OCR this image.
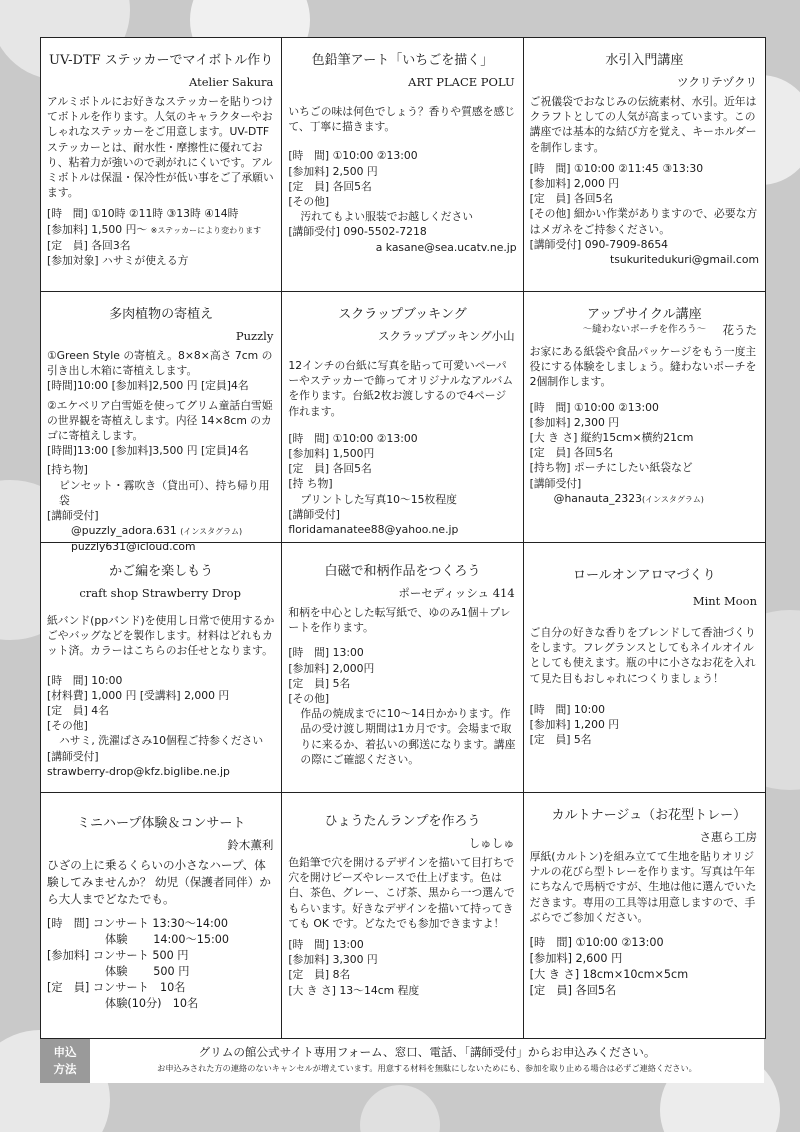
UV-DTF ステッカーでマイボトル作り
Atelier Sakura
アルミボトルにお好きなステッカーを貼りつけてボトルを作ります。人気のキャラクターやおしゃれなステッカーをご用意します。UV-DTF ステッカーとは、耐水性・摩擦性に優れており、粘着力が強いので剥がれにくいです。アルミボトルは保温・保冷性が低い事をご了承願います。
[時　間] ①10時 ②11時 ③13時 ④14時
[参加料] 1,500 円～ ※ステッカーにより変わります
[定　員] 各回3名
[参加対象] ハサミが使える方
色鉛筆アート「いちごを描く」
ART PLACE POLU
いちごの味は何色でしょう？香りや質感を感じて、丁寧に描きます。
[時　間] ①10:00 ②13:00
[参加料] 2,500 円
[定　員] 各回5名
[その他]
汚れてもよい服装でお越しください
[講師受付] 090-5502-7218
a kasane@sea.ucatv.ne.jp
水引入門講座
ツクリテヅクリ
ご祝儀袋でおなじみの伝統素材、水引。近年はクラフトとしての人気が高まっています。この講座では基本的な結び方を覚え、キーホルダーを制作します。
[時　間] ①10:00 ②11:45 ③13:30
[参加料] 2,000 円
[定　員] 各回5名
[その他] 細かい作業がありますので、必要な方はメガネをご持参ください。
[講師受付] 090-7909-8654
tsukuritedukuri@gmail.com
多肉植物の寄植え
Puzzly
①Green Style の寄植え。8×8×高さ 7cm の引き出し木箱に寄植えします。
[時間]10:00 [参加料]2,500 円 [定員]4名
②エケベリア白雪姫を使ってグリム童話白雪姫の世界観を寄植えします。内径 14×8cm のカゴに寄植えします。
[時間]13:00 [参加料]3,500 円 [定員]4名
[持ち物]
ピンセット・霧吹き（貸出可）、持ち帰り用袋
[講師受付]
@puzzly_adora.631 (インスタグラム)
puzzly631@icloud.com
スクラップブッキング
スクラップブッキング小山
12インチの台紙に写真を貼って可愛いペーパーやステッカーで飾ってオリジナルなアルバムを作ります。台紙2枚お渡しするので4ページ作れます。
[時　間] ①10:00 ②13:00
[参加料] 1,500円
[定　員] 各回5名
[持 ち物]
プリントした写真10～15枚程度
[講師受付]
floridamanatee88@yahoo.ne.jp
アップサイクル講座
～縫わないポーチを作ろう～	花うた
お家にある紙袋や食品パッケージをもう一度主役にする体験をしましょう。縫わないポーチを2個制作します。
[時　間] ①10:00 ②13:00
[参加料] 2,300 円
[大 き さ] 縦約15cm×横約21cm
[定　員] 各回5名
[持ち物] ポーチにしたい紙袋など
[講師受付]
@hanauta_2323(インスタグラム)
かご編を楽しもう
craft shop Strawberry Drop
紙バンド(ppバンド)を使用し日常で使用するかごやバッグなどを製作します。材料はどれもカット済。カラーはこちらのお任せとなります。
[時　間] 10:00
[材料費] 1,000 円 [受講料] 2,000 円
[定　員] 4名
[その他]
ハサミ, 洗濯ばさみ10個程ご持参ください
[講師受付]
strawberry-drop@kfz.biglibe.ne.jp
白磁で和柄作品をつくろう
ポーセディッシュ 414
和柄を中心とした転写紙で、ゆのみ1個＋プレートを作ります。
[時　間] 13:00
[参加料] 2,000円
[定　員] 5名
[その他]
作品の焼成までに10～14日かかります。作品の受け渡し期間は1カ月です。会場まで取りに来るか、着払いの郵送になります。講座の際にご確認ください。
ロールオンアロマづくり
Mint Moon
ご自分の好きな香りをブレンドして香油づくりをします。フレグランスとしてもネイルオイルとしても使えます。瓶の中に小さなお花を入れて見た目もおしゃれにつくりましょう！
[時　間] 10:00
[参加料] 1,200 円
[定　員] 5名
ミニハープ体験＆コンサート
鈴木薫利
ひざの上に乗るくらいの小さなハープ、体験してみませんか？ 幼児（保護者同伴）から大人までどなたでも。
[時　間] コンサート 13:30～14:00
体験　　 14:00～15:00
[参加料] コンサート 500 円
体験　　 500 円
[定　員] コンサート　10名
体験(10分)　10名
ひょうたんランプを作ろう
しゅしゅ
色鉛筆で穴を開けるデザインを描いて目打ちで穴を開けビーズやレースで仕上げます。色は白、茶色、グレー、こげ茶、黒から一つ選んでもらいます。好きなデザインを描いて持ってきても OK です。どなたでも参加できますよ！
[時　間] 13:00
[参加料] 3,300 円
[定　員] 8名
[大 き さ] 13～14cm 程度
カルトナージュ（お花型トレー）
さ惠ら工房
厚紙(カルトン)を組み立てて生地を貼りオリジナルの花びら型トレーを作ります。写真は午年にちなんで馬柄ですが、生地は他に選んでいただきます。専用の工具等は用意しますので、手ぶらでご参加ください。
[時　間] ①10:00 ②13:00
[参加料] 2,600 円
[大 き さ] 18cm×10cm×5cm
[定　員] 各回5名
申込
方法
グリムの館公式サイト専用フォーム、窓口、電話、「講師受付」からお申込みください。
お申込みされた方の連絡のないキャンセルが増えています。用意する材料を無駄にしないためにも、参加を取り止める場合は必ずご連絡ください。
